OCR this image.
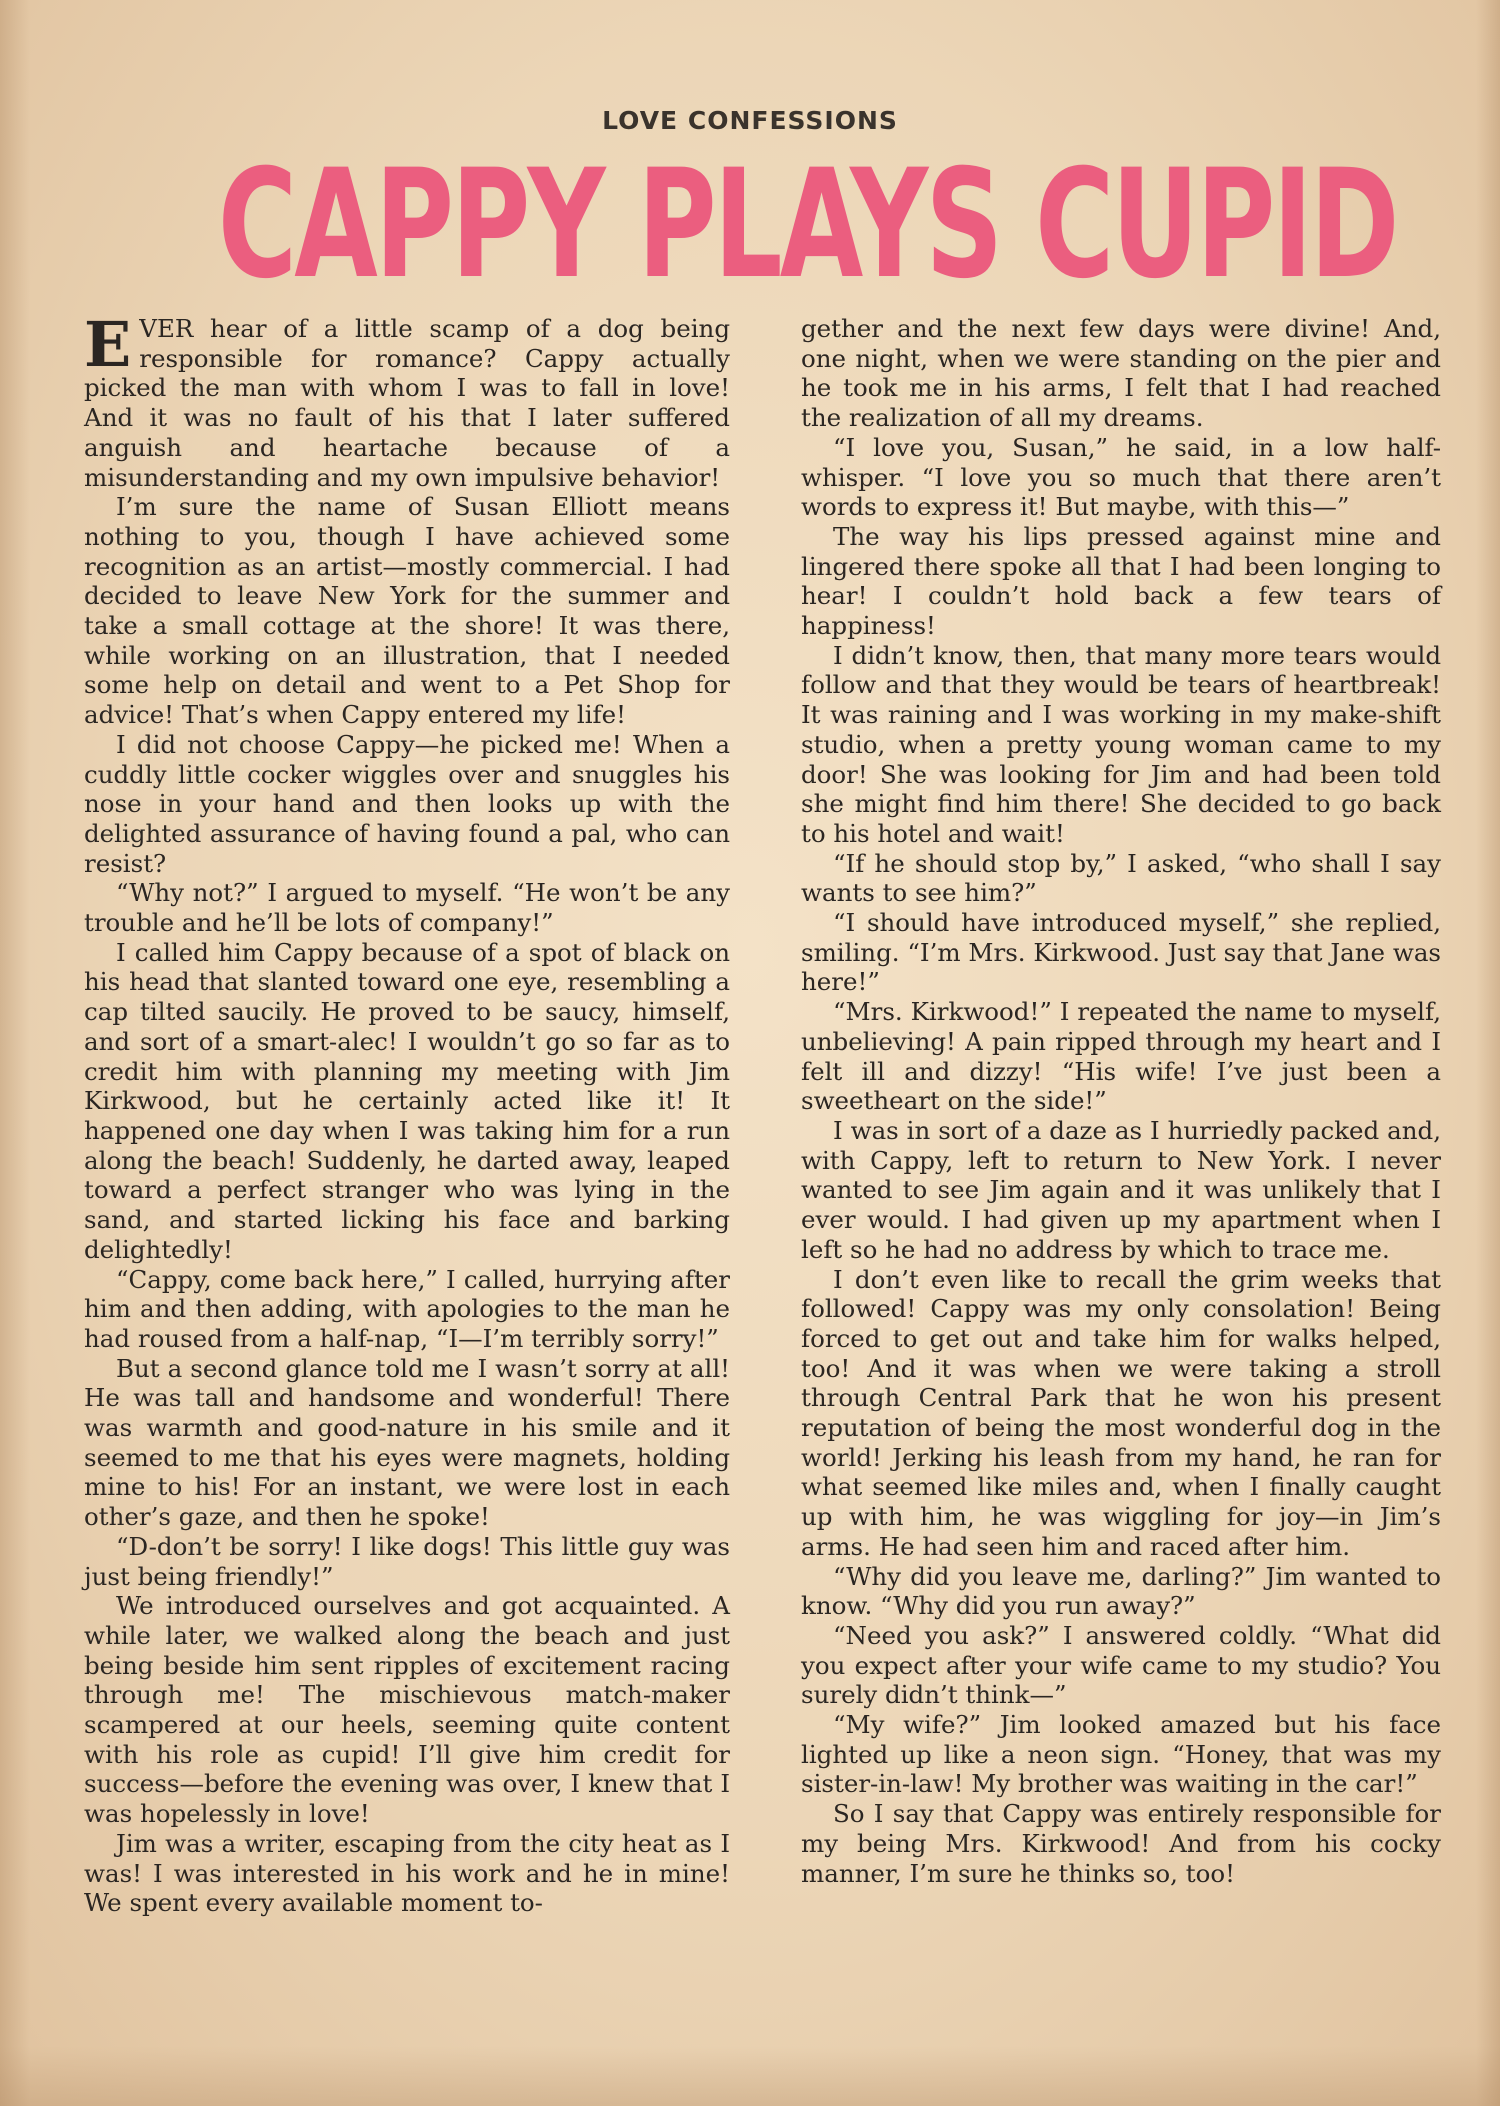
LOVE CONFESSIONS
CAPPY PLAYS CUPID

EVER hear of a little scamp of a dog being responsible for romance? Cappy actually picked the man with whom I was to fall in love! And it was no fault of his that I later suffered anguish and heartache because of a misunderstanding and my own impulsive behavior!

I’m sure the name of Susan Elliott means nothing to you, though I have achieved some recognition as an artist—mostly commercial. I had decided to leave New York for the summer and take a small cottage at the shore! It was there, while working on an illustration, that I needed some help on detail and went to a Pet Shop for advice! That’s when Cappy entered my life!

I did not choose Cappy—he picked me! When a cuddly little cocker wiggles over and snuggles his nose in your hand and then looks up with the delighted assurance of having found a pal, who can resist?

“Why not?” I argued to myself. “He won’t be any trouble and he’ll be lots of company!”

I called him Cappy because of a spot of black on his head that slanted toward one eye, resembling a cap tilted saucily. He proved to be saucy, himself, and sort of a smart-alec! I wouldn’t go so far as to credit him with planning my meeting with Jim Kirkwood, but he certainly acted like it! It happened one day when I was taking him for a run along the beach! Suddenly, he darted away, leaped toward a perfect stranger who was lying in the sand, and started licking his face and barking delightedly!

“Cappy, come back here,” I called, hurrying after him and then adding, with apologies to the man he had roused from a half-nap, “I—I’m terribly sorry!”

But a second glance told me I wasn’t sorry at all! He was tall and handsome and wonderful! There was warmth and good-nature in his smile and it seemed to me that his eyes were magnets, holding mine to his! For an instant, we were lost in each other’s gaze, and then he spoke!

“D-don’t be sorry! I like dogs! This little guy was just being friendly!”

We introduced ourselves and got acquainted. A while later, we walked along the beach and just being beside him sent ripples of excitement racing through me! The mischievous match-maker scampered at our heels, seeming quite content with his role as cupid! I’ll give him credit for success—before the evening was over, I knew that I was hopelessly in love!

Jim was a writer, escaping from the city heat as I was! I was interested in his work and he in mine! We spent every available moment to-

gether and the next few days were divine! And, one night, when we were standing on the pier and he took me in his arms, I felt that I had reached the realization of all my dreams.

“I love you, Susan,” he said, in a low half-whisper. “I love you so much that there aren’t words to express it! But maybe, with this—”

The way his lips pressed against mine and lingered there spoke all that I had been longing to hear! I couldn’t hold back a few tears of happiness!

I didn’t know, then, that many more tears would follow and that they would be tears of heartbreak! It was raining and I was working in my make-shift studio, when a pretty young woman came to my door! She was looking for Jim and had been told she might find him there! She decided to go back to his hotel and wait!

“If he should stop by,” I asked, “who shall I say wants to see him?”

“I should have introduced myself,” she replied, smiling. “I’m Mrs. Kirkwood. Just say that Jane was here!”

“Mrs. Kirkwood!” I repeated the name to myself, unbelieving! A pain ripped through my heart and I felt ill and dizzy! “His wife! I’ve just been a sweetheart on the side!”

I was in sort of a daze as I hurriedly packed and, with Cappy, left to return to New York. I never wanted to see Jim again and it was unlikely that I ever would. I had given up my apartment when I left so he had no address by which to trace me.

I don’t even like to recall the grim weeks that followed! Cappy was my only consolation! Being forced to get out and take him for walks helped, too! And it was when we were taking a stroll through Central Park that he won his present reputation of being the most wonderful dog in the world! Jerking his leash from my hand, he ran for what seemed like miles and, when I finally caught up with him, he was wiggling for joy—in Jim’s arms. He had seen him and raced after him.

“Why did you leave me, darling?” Jim wanted to know. “Why did you run away?”

“Need you ask?” I answered coldly. “What did you expect after your wife came to my studio? You surely didn’t think—”

“My wife?” Jim looked amazed but his face lighted up like a neon sign. “Honey, that was my sister-in-law! My brother was waiting in the car!”

So I say that Cappy was entirely responsible for my being Mrs. Kirkwood! And from his cocky manner, I’m sure he thinks so, too!
